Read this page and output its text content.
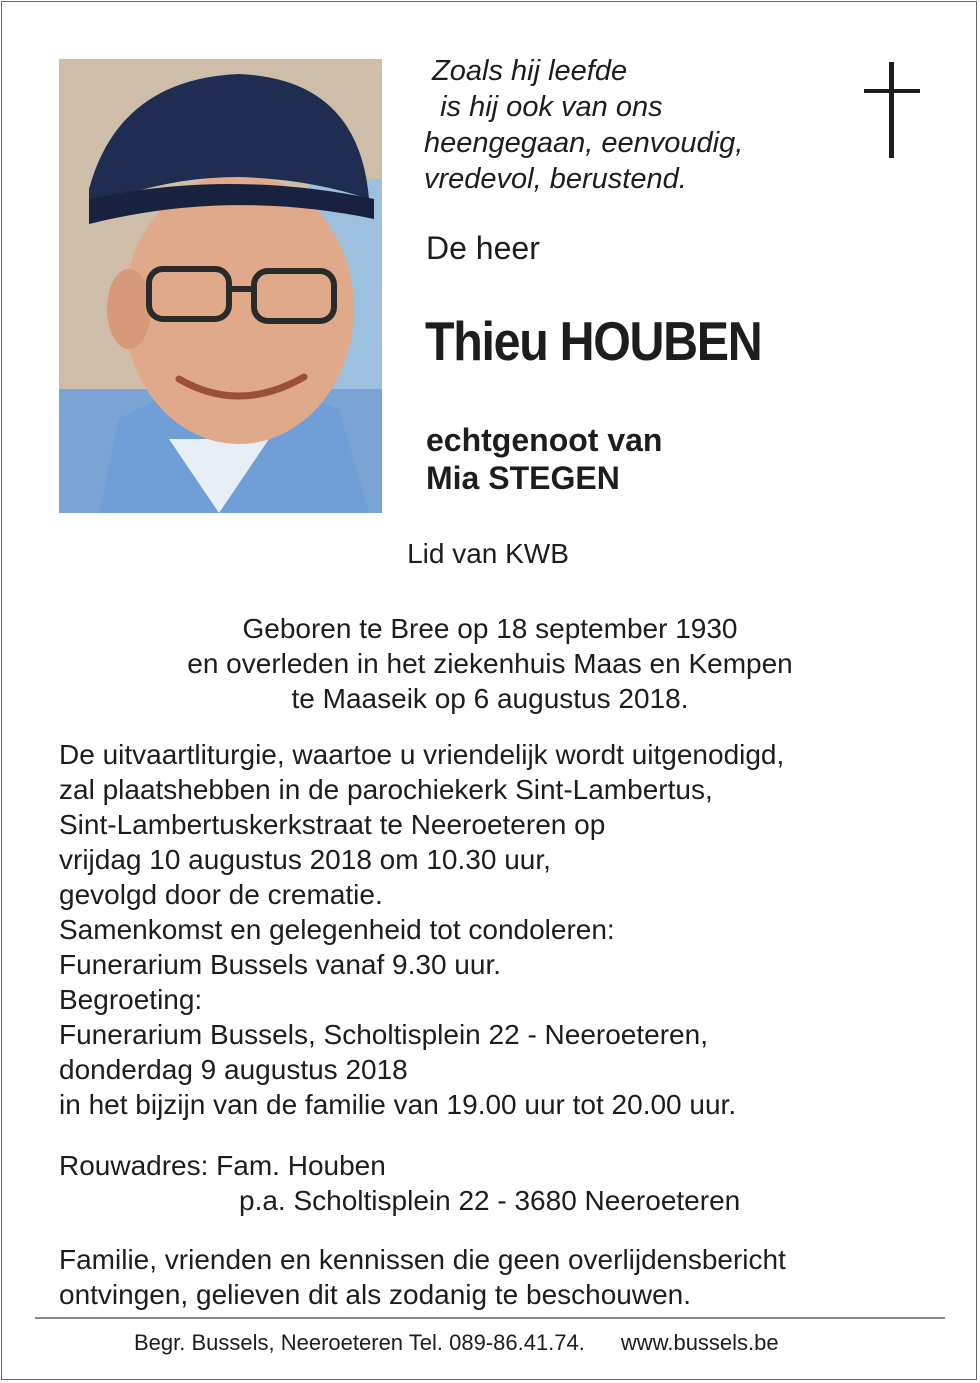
Zoals hij leefde
is hij ook van ons
heengegaan, eenvoudig,
vredevol, berustend.

De heer

Thieu HOUBEN

echtgenoot van
Mia STEGEN

Lid van KWB

Geboren te Bree op 18 september 1930
en overleden in het ziekenhuis Maas en Kempen
te Maaseik op 6 augustus 2018.
De uitvaartliturgie, waartoe u vriendelijk wordt uitgenodigd,
zal plaatshebben in de parochiekerk Sint-Lambertus,
Sint-Lambertuskerkstraat te Neeroeteren op
vrijdag 10 augustus 2018 om 10.30 uur,
gevolgd door de crematie.
Samenkomst en gelegenheid tot condoleren:
Funerarium Bussels vanaf 9.30 uur.
Begroeting:
Funerarium Bussels, Scholtisplein 22 - Neeroeteren,
donderdag 9 augustus 2018
in het bijzijn van de familie van 19.00 uur tot 20.00 uur.
Rouwadres: Fam. Houben
p.a. Scholtisplein 22 - 3680 Neeroeteren
Familie, vrienden en kennissen die geen overlijdensbericht
ontvingen, gelieven dit als zodanig te beschouwen.
Begr. Bussels, Neeroeteren Tel. 089-86.41.74. www.bussels.be
